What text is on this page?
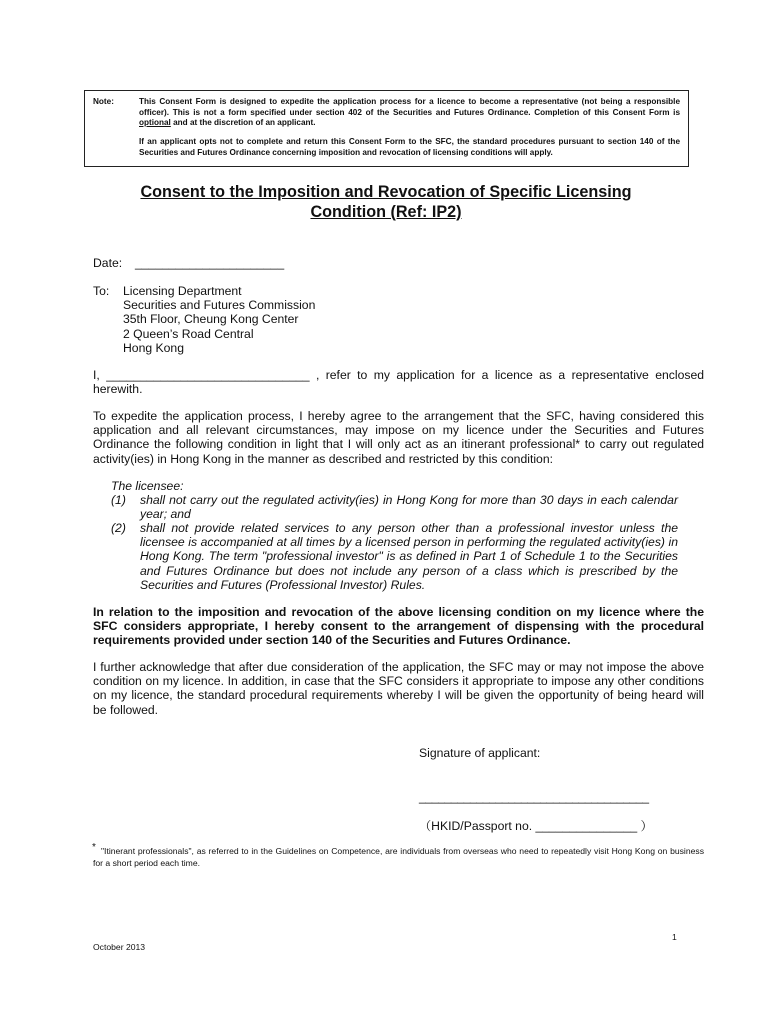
Note:	This Consent Form is designed to expedite the application process for a licence to become a representative (not being a responsible officer). This is not a form specified under section 402 of the Securities and Futures Ordinance. Completion of this Consent Form is optional and at the discretion of an applicant.
If an applicant opts not to complete and return this Consent Form to the SFC, the standard procedures pursuant to section 140 of the Securities and Futures Ordinance concerning imposition and revocation of licensing conditions will apply.
Consent to the Imposition and Revocation of Specific Licensing
Condition (Ref: IP2)
Date: ______________________
To: Licensing Department
Securities and Futures Commission
35th Floor, Cheung Kong Center
2 Queen’s Road Central
Hong Kong
I, ______________________________ , refer to my application for a licence as a representative enclosed herewith.
To expedite the application process, I hereby agree to the arrangement that the SFC, having considered this application and all relevant circumstances, may impose on my licence under the Securities and Futures Ordinance the following condition in light that I will only act as an itinerant professional* to carry out regulated activity(ies) in Hong Kong in the manner as described and restricted by this condition:
The licensee:
(1) shall not carry out the regulated activity(ies) in Hong Kong for more than 30 days in each calendar year; and
(2) shall not provide related services to any person other than a professional investor unless the licensee is accompanied at all times by a licensed person in performing the regulated activity(ies) in Hong Kong. The term "professional investor" is as defined in Part 1 of Schedule 1 to the Securities and Futures Ordinance but does not include any person of a class which is prescribed by the Securities and Futures (Professional Investor) Rules.
In relation to the imposition and revocation of the above licensing condition on my licence where the SFC considers appropriate, I hereby consent to the arrangement of dispensing with the procedural requirements provided under section 140 of the Securities and Futures Ordinance.
I further acknowledge that after due consideration of the application, the SFC may or may not impose the above condition on my licence. In addition, in case that the SFC considers it appropriate to impose any other conditions on my licence, the standard procedural requirements whereby I will be given the opportunity of being heard will be followed.
Signature of applicant:
____________________________________
（HKID/Passport no. _______________ ）
* "Itinerant professionals", as referred to in the Guidelines on Competence, are individuals from overseas who need to repeatedly visit Hong Kong on business for a short period each time.
1
October 2013
